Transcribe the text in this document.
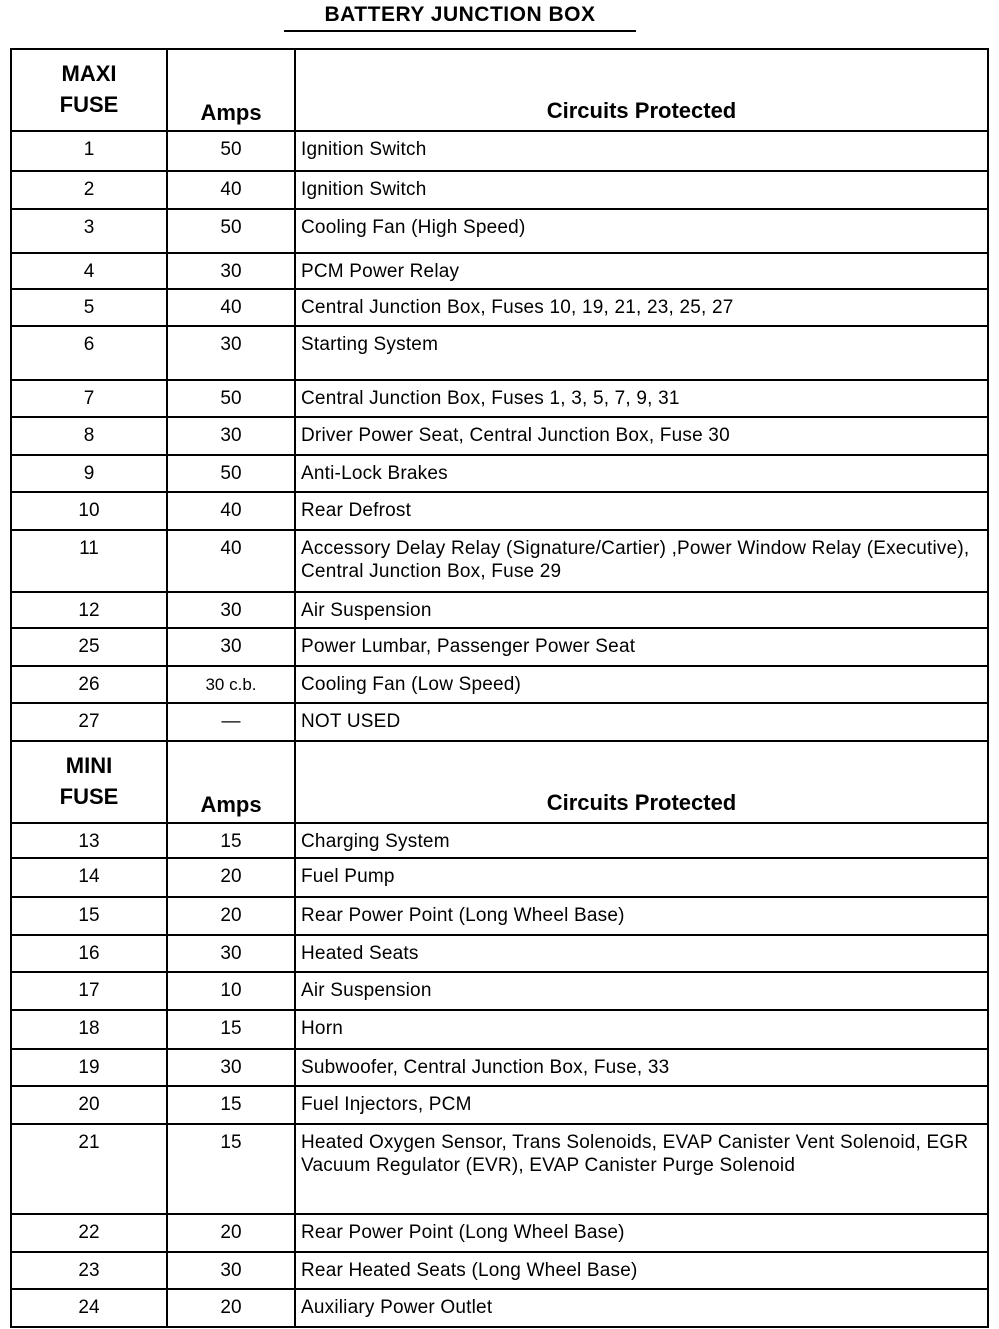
BATTERY JUNCTION BOX
MAXI
FUSE	Amps	Circuits Protected
1	50	Ignition Switch
2	40	Ignition Switch
3	50	Cooling Fan (High Speed)
4	30	PCM Power Relay
5	40	Central Junction Box, Fuses 10, 19, 21, 23, 25, 27
6	30	Starting System
7	50	Central Junction Box, Fuses 1, 3, 5, 7, 9, 31
8	30	Driver Power Seat, Central Junction Box, Fuse 30
9	50	Anti-Lock Brakes
10	40	Rear Defrost
11	40	Accessory Delay Relay (Signature/Cartier) ,Power Window Relay (Executive), Central Junction Box, Fuse 29
12	30	Air Suspension
25	30	Power Lumbar, Passenger Power Seat
26	30 c.b.	Cooling Fan (Low Speed)
27	—	NOT USED

MINI
FUSE	Amps	Circuits Protected
13	15	Charging System
14	20	Fuel Pump
15	20	Rear Power Point (Long Wheel Base)
16	30	Heated Seats
17	10	Air Suspension
18	15	Horn
19	30	Subwoofer, Central Junction Box, Fuse, 33
20	15	Fuel Injectors, PCM
21	15	Heated Oxygen Sensor, Trans Solenoids, EVAP Canister Vent Solenoid, EGR Vacuum Regulator (EVR), EVAP Canister Purge Solenoid
22	20	Rear Power Point (Long Wheel Base)
23	30	Rear Heated Seats (Long Wheel Base)
24	20	Auxiliary Power Outlet
